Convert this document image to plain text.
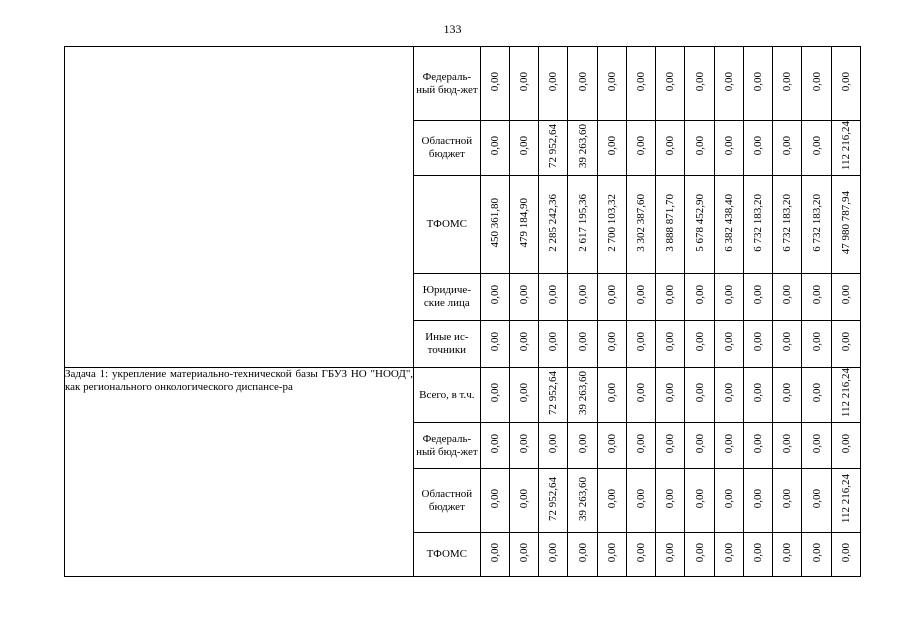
133
	Федераль-ный бюд-жет	0,00	0,00	0,00	0,00	0,00	0,00	0,00	0,00	0,00	0,00	0,00	0,00	0,00
	Областной бюджет	0,00	0,00	72 952,64	39 263,60	0,00	0,00	0,00	0,00	0,00	0,00	0,00	0,00	112 216,24
	ТФОМС	450 361,80	479 184,90	2 285 242,36	2 617 195,36	2 700 103,32	3 302 387,60	3 888 871,70	5 678 452,90	6 382 438,40	6 732 183,20	6 732 183,20	6 732 183,20	47 980 787,94
	Юридиче-ские лица	0,00	0,00	0,00	0,00	0,00	0,00	0,00	0,00	0,00	0,00	0,00	0,00	0,00
	Иные ис-точники	0,00	0,00	0,00	0,00	0,00	0,00	0,00	0,00	0,00	0,00	0,00	0,00	0,00
Задача 1: укрепление материально-технической базы ГБУЗ НО "НООД", как регионального онкологического диспансе-ра	Всего, в т.ч.	0,00	0,00	72 952,64	39 263,60	0,00	0,00	0,00	0,00	0,00	0,00	0,00	0,00	112 216,24
	Федераль-ный бюд-жет	0,00	0,00	0,00	0,00	0,00	0,00	0,00	0,00	0,00	0,00	0,00	0,00	0,00
	Областной бюджет	0,00	0,00	72 952,64	39 263,60	0,00	0,00	0,00	0,00	0,00	0,00	0,00	0,00	112 216,24
	ТФОМС	0,00	0,00	0,00	0,00	0,00	0,00	0,00	0,00	0,00	0,00	0,00	0,00	0,00
